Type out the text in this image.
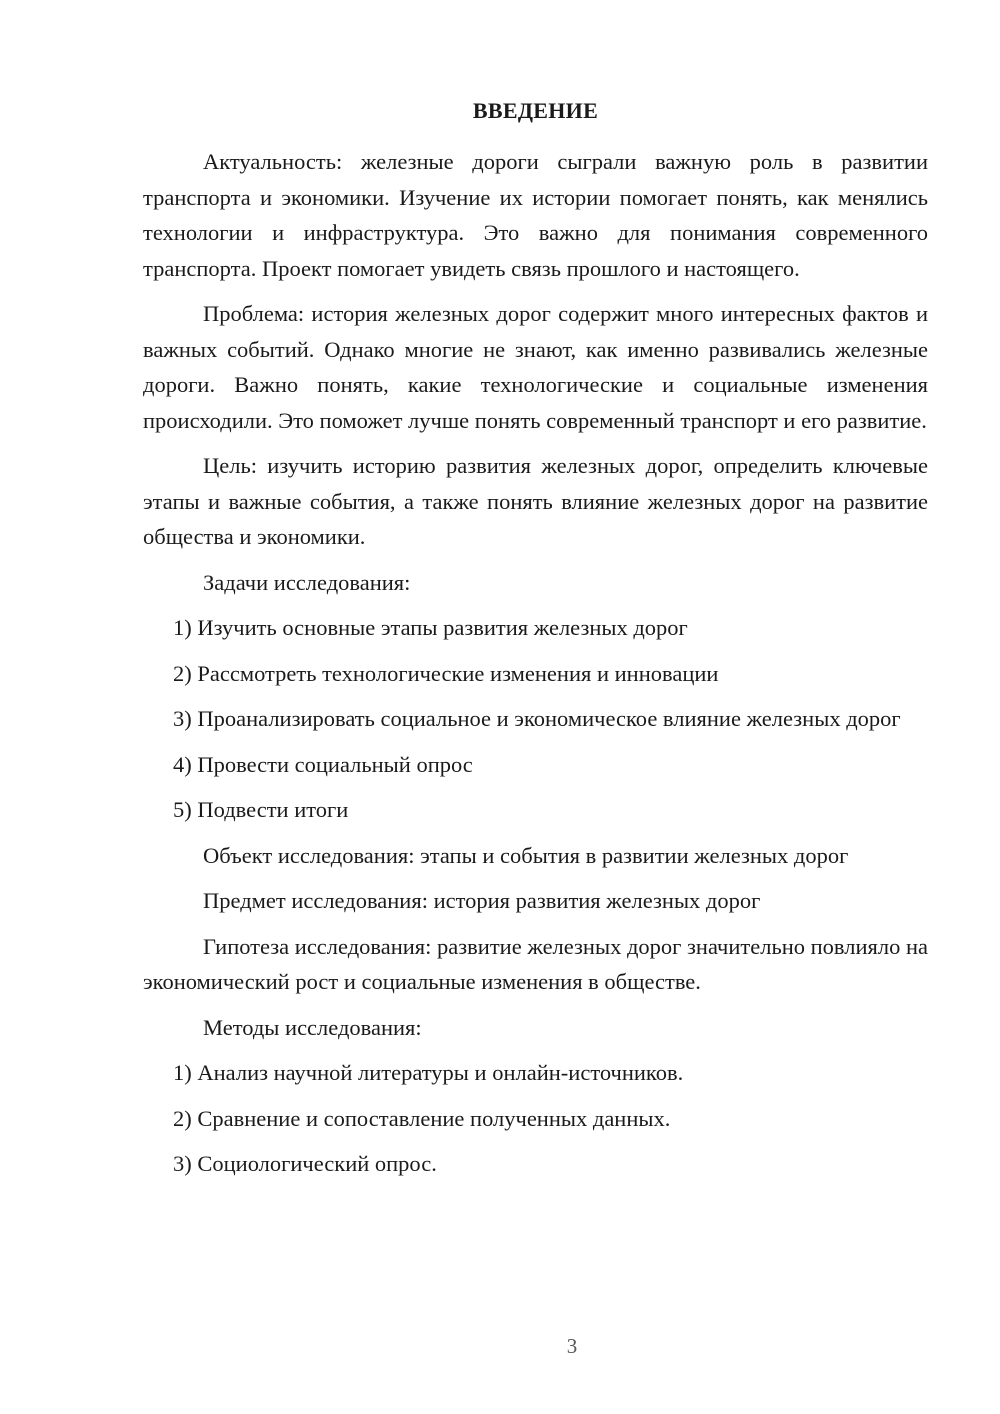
ВВЕДЕНИЕ

Актуальность: железные дороги сыграли важную роль в развитии транспорта и экономики. Изучение их истории помогает понять, как менялись технологии и инфраструктура. Это важно для понимания современного транспорта. Проект помогает увидеть связь прошлого и настоящего.

Проблема: история железных дорог содержит много интересных фактов и важных событий. Однако многие не знают, как именно развивались железные дороги. Важно понять, какие технологические и социальные изменения происходили. Это поможет лучше понять современный транспорт и его развитие.

Цель: изучить историю развития железных дорог, определить ключевые этапы и важные события, а также понять влияние железных дорог на развитие общества и экономики.

Задачи исследования:

1) Изучить основные этапы развития железных дорог

2) Рассмотреть технологические изменения и инновации

3) Проанализировать социальное и экономическое влияние железных дорог

4) Провести социальный опрос

5) Подвести итоги

Объект исследования: этапы и события в развитии железных дорог

Предмет исследования: история развития железных дорог

Гипотеза исследования: развитие железных дорог значительно повлияло на экономический рост и социальные изменения в обществе.

Методы исследования:

1) Анализ научной литературы и онлайн-источников.

2) Сравнение и сопоставление полученных данных.

3) Социологический опрос.

3
